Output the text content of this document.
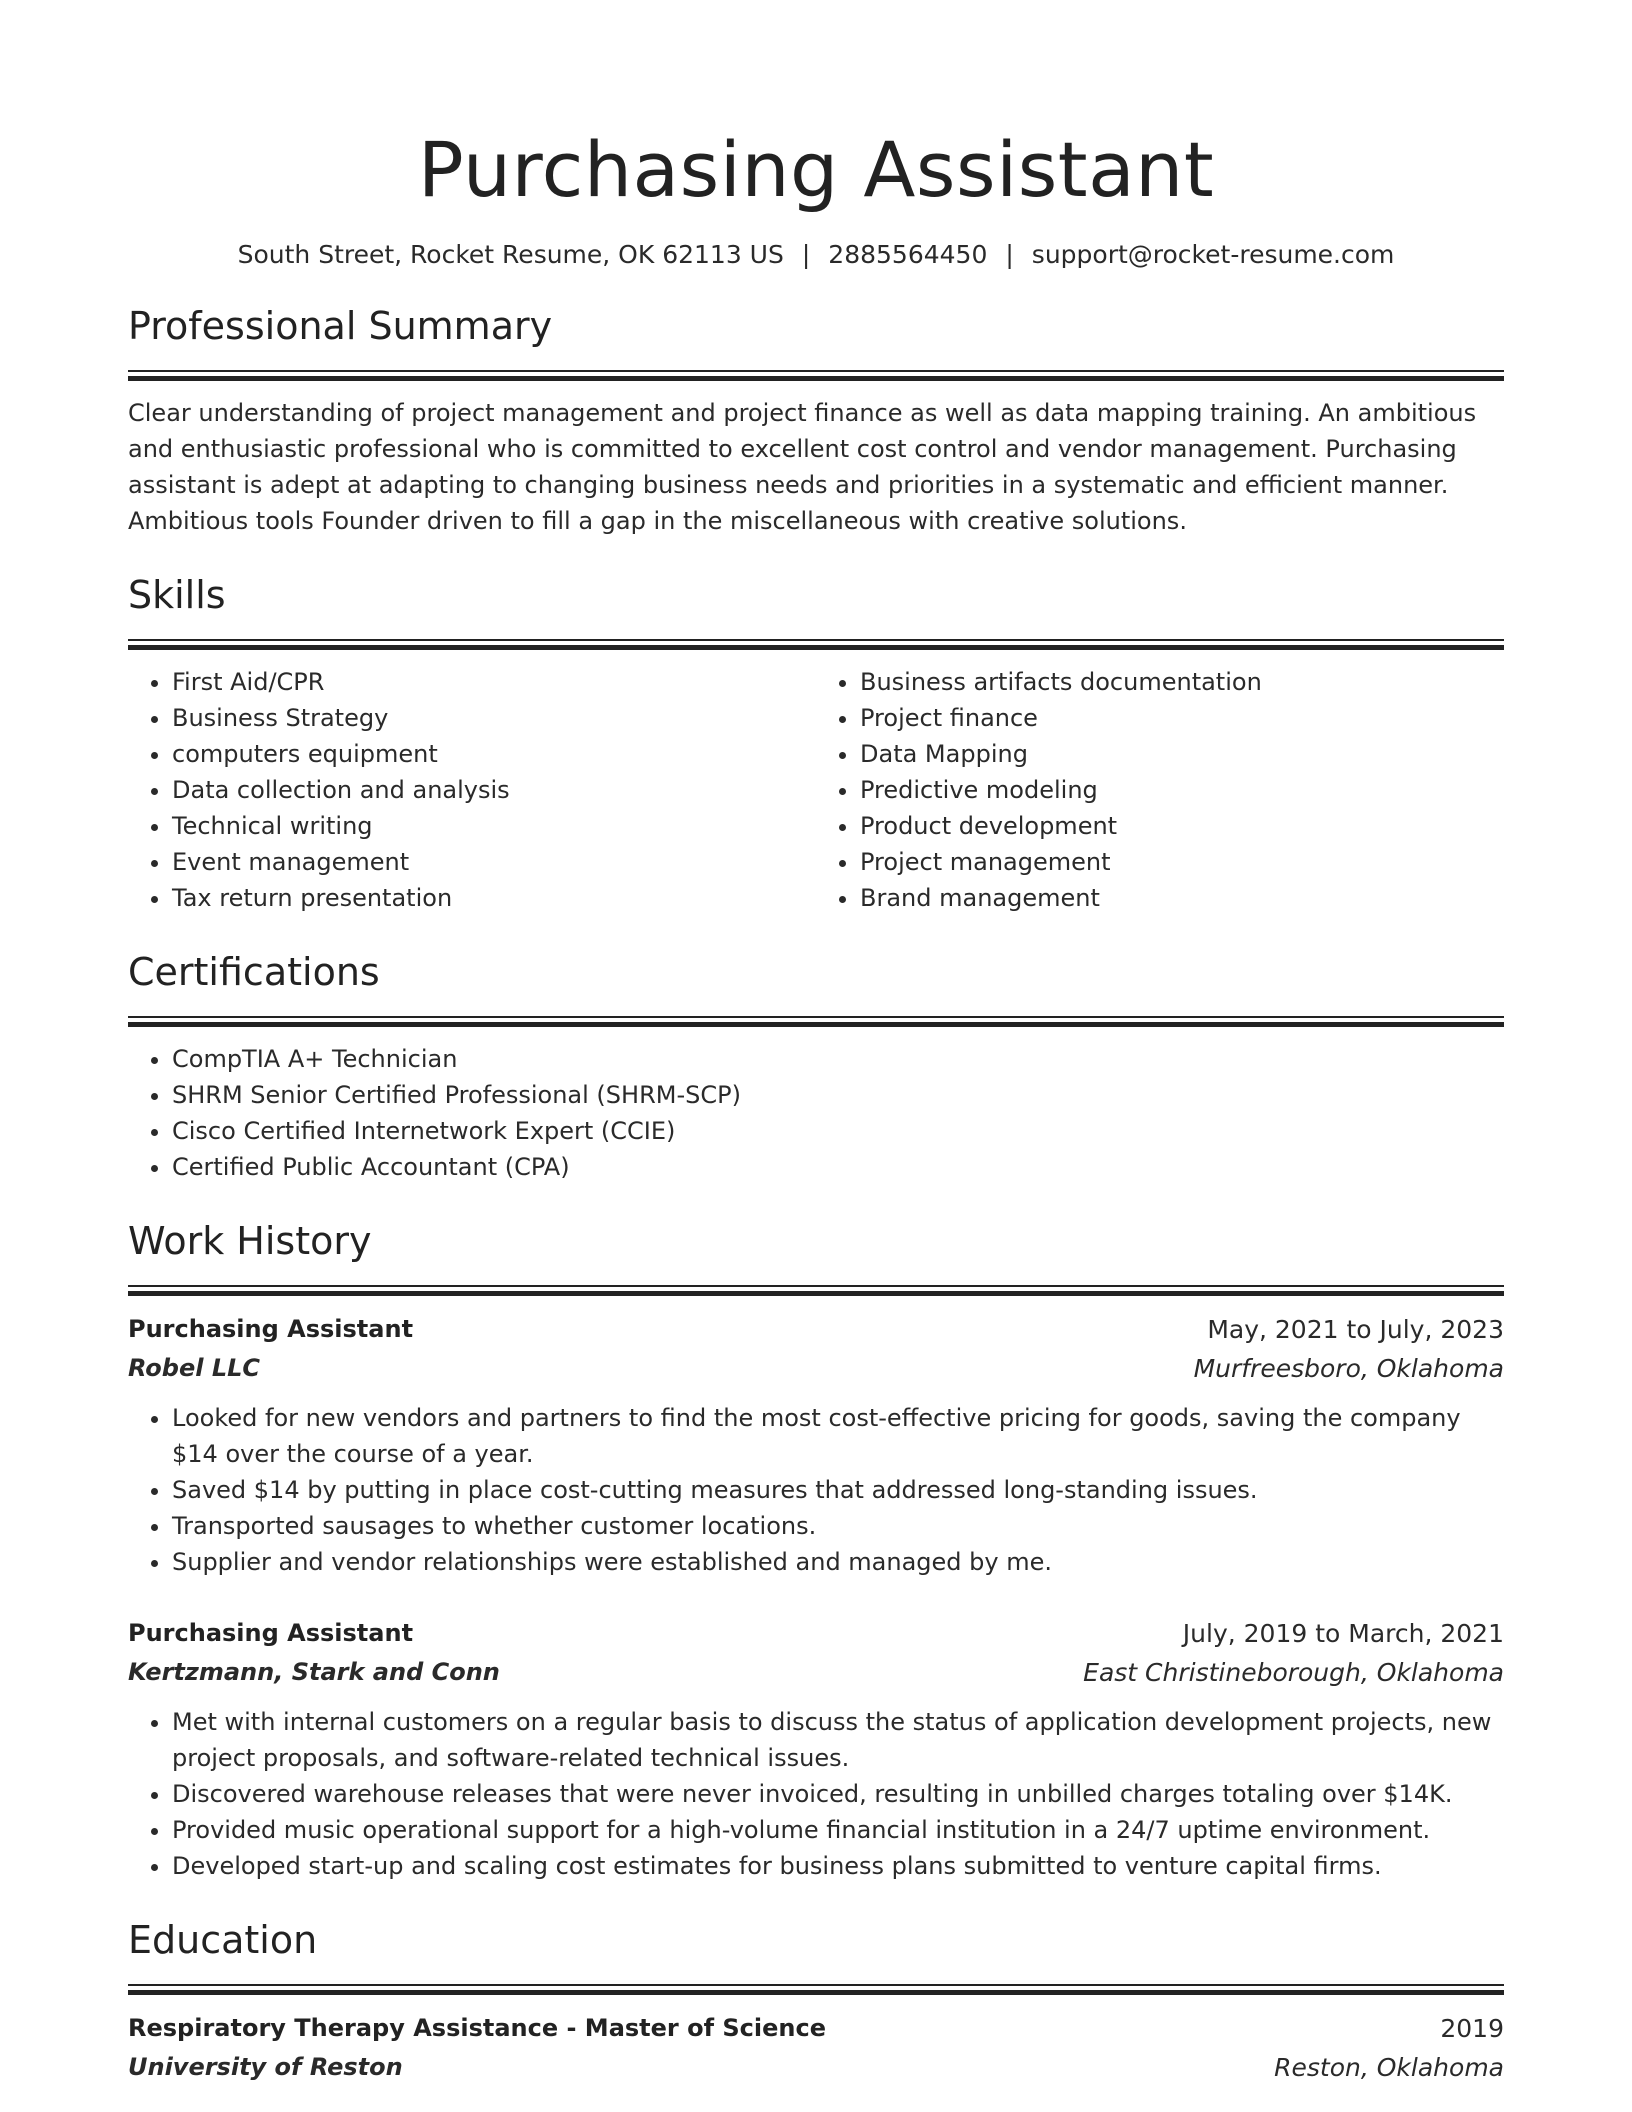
Purchasing Assistant
South Street, Rocket Resume, OK 62113 US | 2885564450 | support@rocket-resume.com
Professional Summary
Clear understanding of project management and project finance as well as data mapping training. An ambitious and enthusiastic professional who is committed to excellent cost control and vendor management. Purchasing assistant is adept at adapting to changing business needs and priorities in a systematic and efficient manner. Ambitious tools Founder driven to fill a gap in the miscellaneous with creative solutions.
Skills
• First Aid/CPR
• Business Strategy
• computers equipment
• Data collection and analysis
• Technical writing
• Event management
• Tax return presentation
• Business artifacts documentation
• Project finance
• Data Mapping
• Predictive modeling
• Product development
• Project management
• Brand management
Certifications
• CompTIA A+ Technician
• SHRM Senior Certified Professional (SHRM-SCP)
• Cisco Certified Internetwork Expert (CCIE)
• Certified Public Accountant (CPA)
Work History
Purchasing Assistant	May, 2021 to July, 2023
Robel LLC	Murfreesboro, Oklahoma
• Looked for new vendors and partners to find the most cost-effective pricing for goods, saving the company $14 over the course of a year.
• Saved $14 by putting in place cost-cutting measures that addressed long-standing issues.
• Transported sausages to whether customer locations.
• Supplier and vendor relationships were established and managed by me.
Purchasing Assistant	July, 2019 to March, 2021
Kertzmann, Stark and Conn	East Christineborough, Oklahoma
• Met with internal customers on a regular basis to discuss the status of application development projects, new project proposals, and software-related technical issues.
• Discovered warehouse releases that were never invoiced, resulting in unbilled charges totaling over $14K.
• Provided music operational support for a high-volume financial institution in a 24/7 uptime environment.
• Developed start-up and scaling cost estimates for business plans submitted to venture capital firms.
Education
Respiratory Therapy Assistance - Master of Science	2019
University of Reston	Reston, Oklahoma
